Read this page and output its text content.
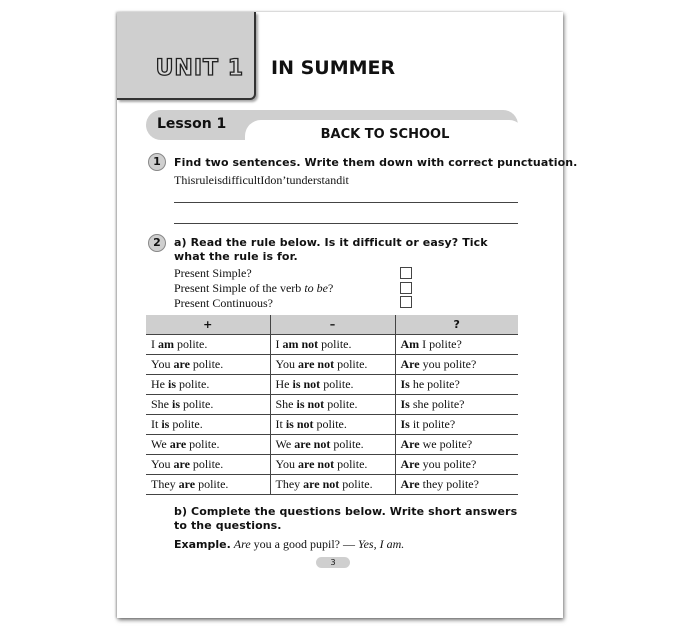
UNIT 1 IN SUMMER
Lesson 1
BACK TO SCHOOL
1	Find two sentences. Write them down with correct punctuation.
ThisruleisdifficultIdon’tunderstandit
2	a) Read the rule below. Is it difficult or easy? Tick what the rule is for.
Present Simple?
Present Simple of the verb to be?
Present Continuous?
+	–	?
I am polite.	I am not polite.	Am I polite?
You are polite.	You are not polite.	Are you polite?
He is polite.	He is not polite.	Is he polite?
She is polite.	She is not polite.	Is she polite?
It is polite.	It is not polite.	Is it polite?
We are polite.	We are not polite.	Are we polite?
You are polite.	You are not polite.	Are you polite?
They are polite.	They are not polite.	Are they polite?
b) Complete the questions below. Write short answers to the questions.
Example. Are you a good pupil? — Yes, I am.
3
